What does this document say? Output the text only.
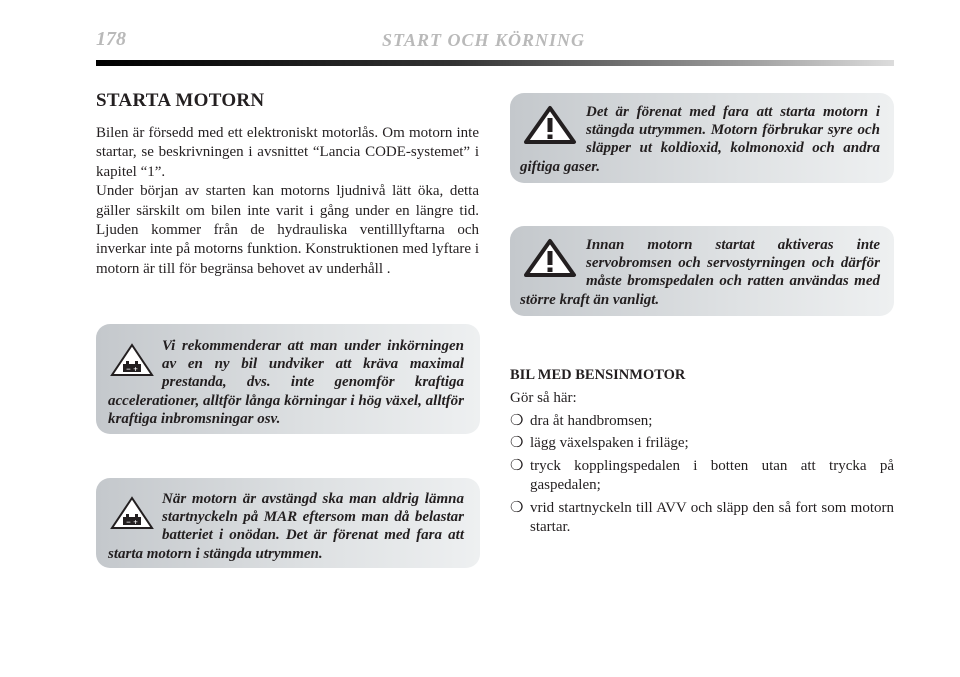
178	START OCH KÖRNING
STARTA MOTORN

Bilen är försedd med ett elektroniskt motorlås. Om motorn inte startar, se beskrivningen i avsnittet “Lancia CODE-systemet” i kapitel “1”.
Under början av starten kan motorns ljudnivå lätt öka, detta gäller särskilt om bilen inte varit i gång under en längre tid. Ljuden kommer från de hydrauliska ventilllyftarna och inverkar inte på motorns funktion. Konstruktionen med lyftare i motorn är till för begränsa behovet av underhåll .

− +
Vi rekommenderar att man under inkörningen av en ny bil undviker att kräva maximal prestanda, dvs. inte genomför kraftiga accelerationer, alltför långa körningar i hög växel, alltför kraftiga inbromsningar osv.
− +
När motorn är avstängd ska man aldrig lämna startnyckeln på MAR eftersom man då belastar batteriet i onödan. Det är förenat med fara att starta motorn i stängda utrymmen.
Det är förenat med fara att starta motorn i stängda utrymmen. Motorn förbrukar syre och släpper ut koldioxid, kolmonoxid och andra giftiga gaser.
Innan motorn startat aktiveras inte servobromsen och servostyrningen och därför måste bromspedalen och ratten användas med större kraft än vanligt.
BIL MED BENSINMOTOR

Gör så här:

❍ dra åt handbromsen;
❍ lägg växelspaken i friläge;
❍ tryck kopplingspedalen i botten utan att trycka på gaspedalen;
❍ vrid startnyckeln till AVV och släpp den så fort som motorn startar.
